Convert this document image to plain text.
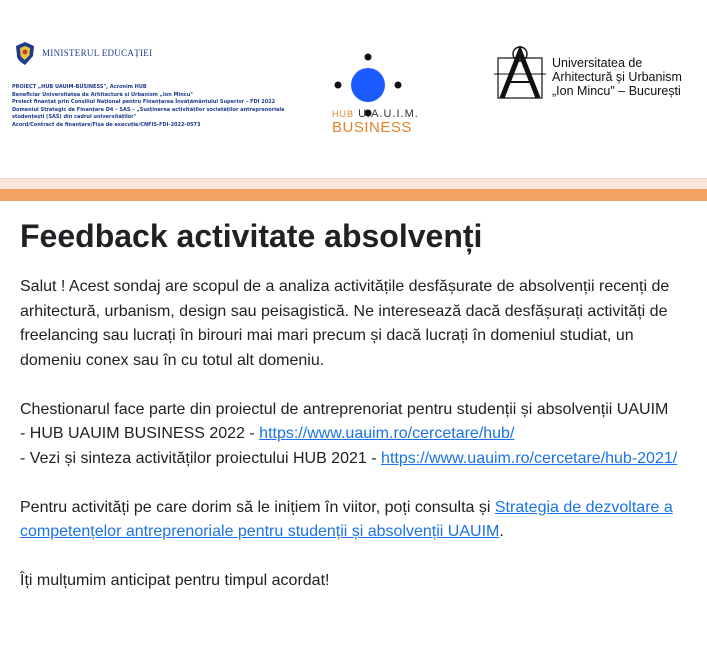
MINISTERUL EDUCAȚIEI
PROIECT „HUB UAUIM-BUSINESS", Acronim HUB
Beneficiar Universitatea de Arhitectură și Urbanism „Ion Mincu"
Proiect finanțat prin Consiliul Național pentru Finanțarea Învățământului Superior – FDI 2022
Domeniul Strategic de Finanțare D4 – SAS – „Susținerea activităților societăților antreprenoriale
studențești (SAS) din cadrul universităților"
Acord/Contract de finanțare/Fișa de execuție/CNFIS-FDI-2022-0573
HUB U.A.U.I.M.
BUSINESS
Universitatea de
Arhitectură și Urbanism
„Ion Mincu" – București
Feedback activitate absolvenți

Salut ! Acest sondaj are scopul de a analiza activitățile desfășurate de absolvenții recenți de arhitectură, urbanism, design sau peisagistică. Ne interesează dacă desfășurați activități de freelancing sau lucrați în birouri mai mari precum și dacă lucrați în domeniul studiat, un domeniu conex sau în cu totul alt domeniu.

Chestionarul face parte din proiectul de antreprenoriat pentru studenții și absolvenții UAUIM

- HUB UAUIM BUSINESS 2022 - https://www.uauim.ro/cercetare/hub/

- Vezi și sinteza activităților proiectului HUB 2021 - https://www.uauim.ro/cercetare/hub-2021/

Pentru activități pe care dorim să le inițiem în viitor, poți consulta și Strategia de dezvoltare a competențelor antreprenoriale pentru studenții și absolvenții UAUIM.

Îți mulțumim anticipat pentru timpul acordat!
